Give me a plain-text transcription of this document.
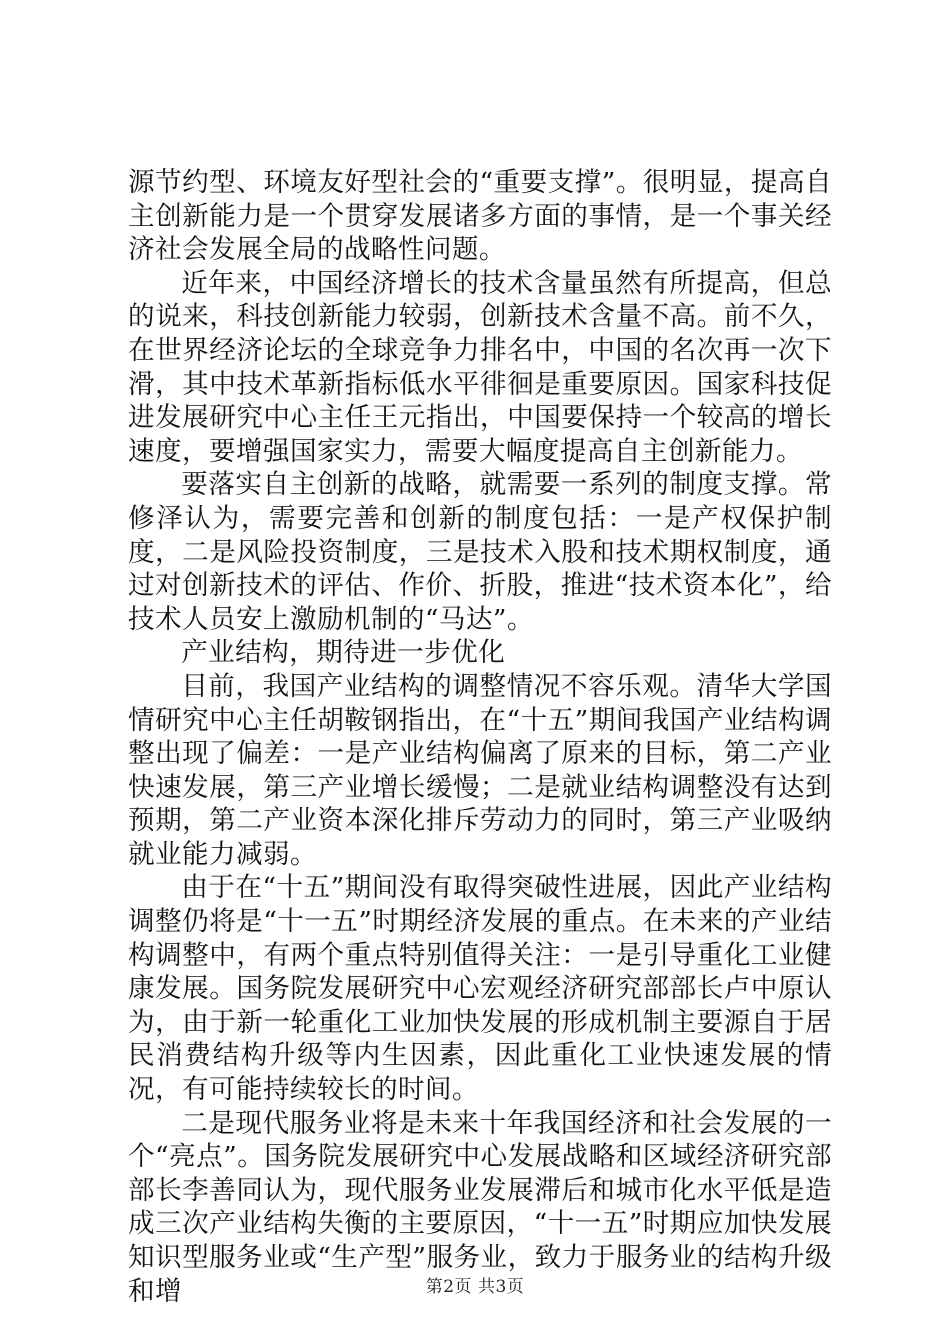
源节约型、环境友好型社会的“重要支撑”。很明显，提高自主创新能力是一个贯穿发展诸多方面的事情，是一个事关经济社会发展全局的战略性问题。

近年来，中国经济增长的技术含量虽然有所提高，但总的说来，科技创新能力较弱，创新技术含量不高。前不久，在世界经济论坛的全球竞争力排名中，中国的名次再一次下滑，其中技术革新指标低水平徘徊是重要原因。国家科技促进发展研究中心主任王元指出，中国要保持一个较高的增长速度，要增强国家实力，需要大幅度提高自主创新能力。

要落实自主创新的战略，就需要一系列的制度支撑。常修泽认为，需要完善和创新的制度包括：一是产权保护制度，二是风险投资制度，三是技术入股和技术期权制度，通过对创新技术的评估、作价、折股，推进“技术资本化”，给技术人员安上激励机制的“马达”。

产业结构，期待进一步优化

目前，我国产业结构的调整情况不容乐观。清华大学国情研究中心主任胡鞍钢指出，在“十五”期间我国产业结构调整出现了偏差：一是产业结构偏离了原来的目标，第二产业快速发展，第三产业增长缓慢；二是就业结构调整没有达到预期，第二产业资本深化排斥劳动力的同时，第三产业吸纳就业能力减弱。

由于在“十五”期间没有取得突破性进展，因此产业结构调整仍将是“十一五”时期经济发展的重点。在未来的产业结构调整中，有两个重点特别值得关注：一是引导重化工业健康发展。国务院发展研究中心宏观经济研究部部长卢中原认为，由于新一轮重化工业加快发展的形成机制主要源自于居民消费结构升级等内生因素，因此重化工业快速发展的情况，有可能持续较长的时间。

二是现代服务业将是未来十年我国经济和社会发展的一个“亮点”。国务院发展研究中心发展战略和区域经济研究部部长李善同认为，现代服务业发展滞后和城市化水平低是造成三次产业结构失衡的主要原因，“十一五”时期应加快发展知识型服务业或“生产型”服务业，致力于服务业的结构升级和增	第2页 共3页
